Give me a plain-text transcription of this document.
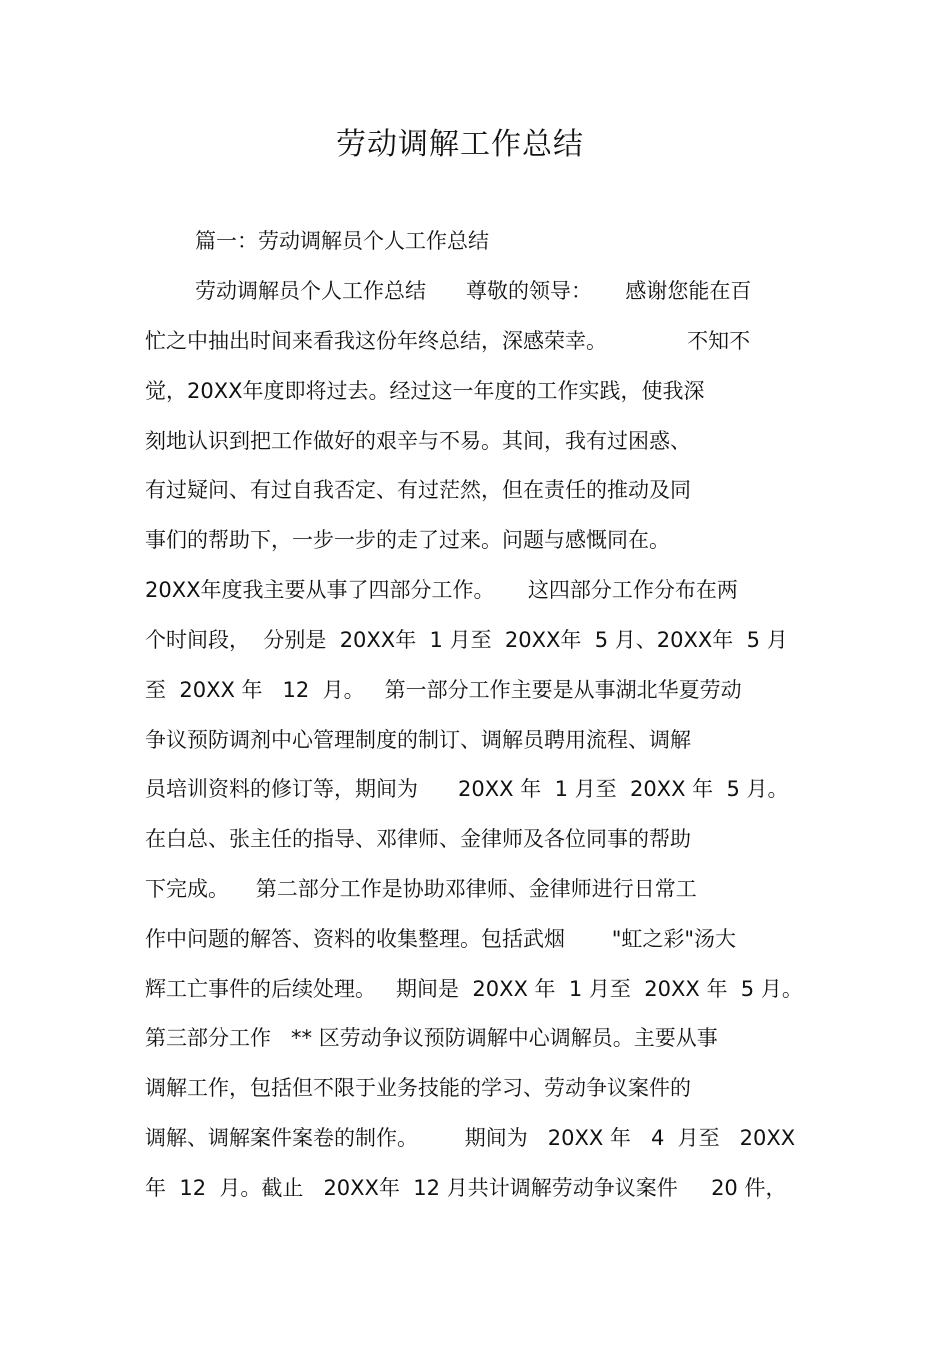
劳动调解工作总结

篇一：劳动调解员个人工作总结

劳动调解员个人工作总结      尊敬的领导：     感谢您能在百

忙之中抽出时间来看我这份年终总结，深感荣幸。            不知不

觉，20XX年度即将过去。经过这一年度的工作实践，使我深

刻地认识到把工作做好的艰辛与不易。其间，我有过困惑、

有过疑问、有过自我否定、有过茫然，但在责任的推动及同

事们的帮助下，一步一步的走了过来。问题与感慨同在。

20XX年度我主要从事了四部分工作。     这四部分工作分布在两

个时间段，  分别是  20XX年  1 月至  20XX年  5 月、20XX年  5 月

至  20XX 年   12  月。   第一部分工作主要是从事湖北华夏劳动

争议预防调剂中心管理制度的制订、调解员聘用流程、调解

员培训资料的修订等，期间为      20XX 年  1 月至  20XX 年  5 月。

在白总、张主任的指导、邓律师、金律师及各位同事的帮助

下完成。    第二部分工作是协助邓律师、金律师进行日常工

作中问题的解答、资料的收集整理。包括武烟       "虹之彩"汤大

辉工亡事件的后续处理。   期间是  20XX 年  1 月至  20XX 年  5 月。

第三部分工作   ** 区劳动争议预防调解中心调解员。主要从事

调解工作，包括但不限于业务技能的学习、劳动争议案件的

调解、调解案件案卷的制作。       期间为   20XX 年   4  月至   20XX

年  12  月。截止   20XX年  12 月共计调解劳动争议案件     20 件，
